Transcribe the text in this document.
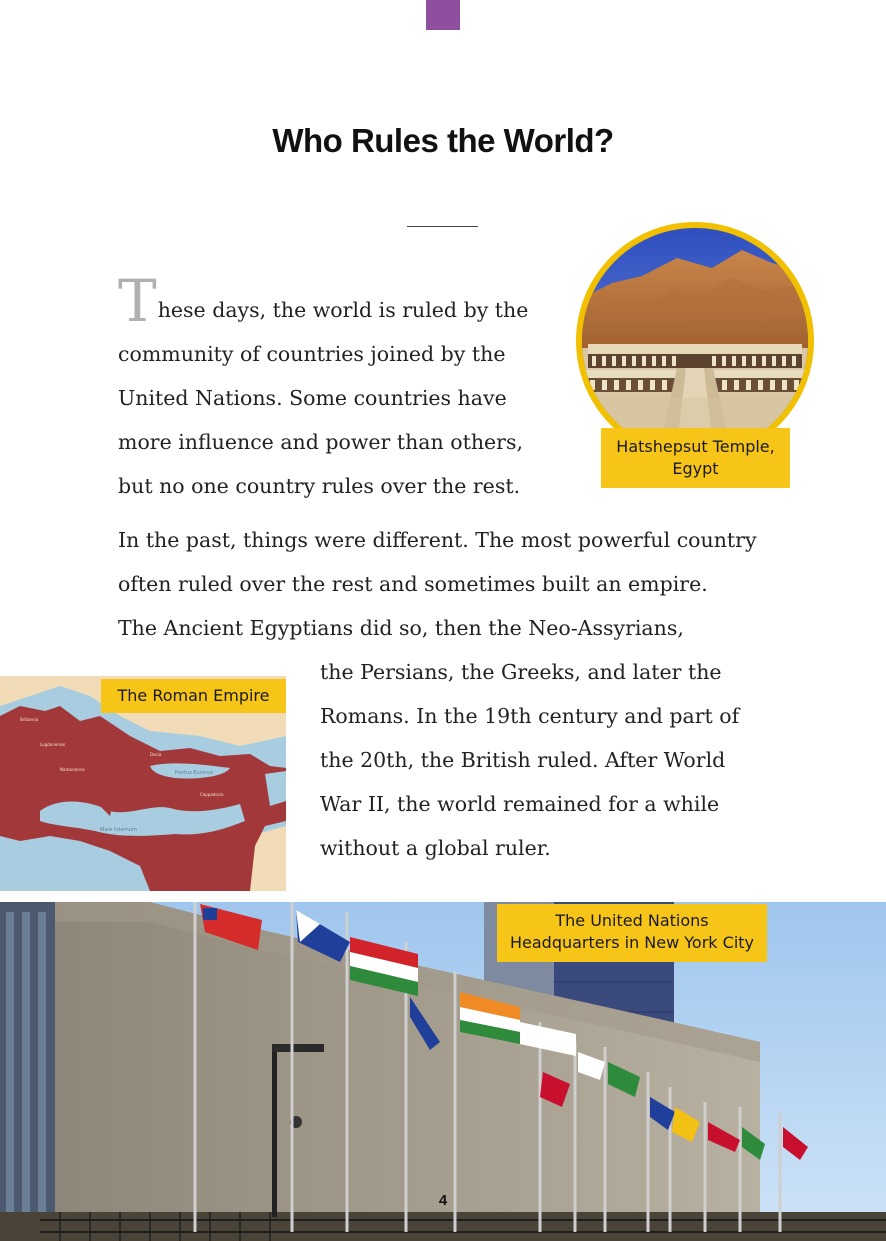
Who Rules the World?
These days, the world is ruled by the
community of countries joined by the
United Nations. Some countries have
more influence and power than others,
but no one country rules over the rest.
Hatshepsut Temple,
Egypt
In the past, things were different. The most powerful country
often ruled over the rest and sometimes built an empire.
The Ancient Egyptians did so, then the Neo-Assyrians,
Britannia
Lugdunensis
Narbonensis
Dacia
Cappadocia
Pontus Euxinus
Mare Internum
The Roman Empire
the Persians, the Greeks, and later the
Romans. In the 19th century and part of
the 20th, the British ruled. After World
War II, the world remained for a while
without a global ruler.
The United Nations
Headquarters in New York City
4
